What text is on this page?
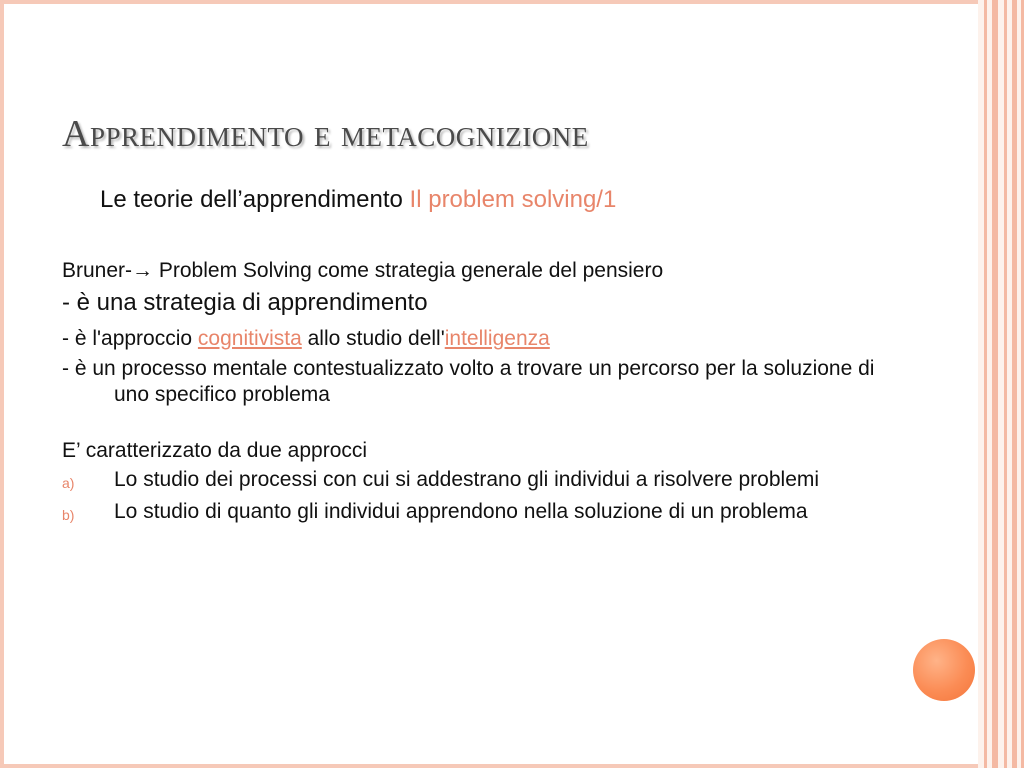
Apprendimento e metacognizione
Le teorie dell’apprendimento Il problem solving/1

Bruner-→ Problem Solving come strategia generale del pensiero

- è una strategia di apprendimento

- è l'approccio cognitivista allo studio dell'intelligenza

- è un processo mentale contestualizzato volto a trovare un percorso per la soluzione di uno specifico problema

E’ caratterizzato da due approcci

a)	Lo studio dei processi con cui si addestrano gli individui a risolvere problemi
b)	Lo studio di quanto gli individui apprendono nella soluzione di un problema
